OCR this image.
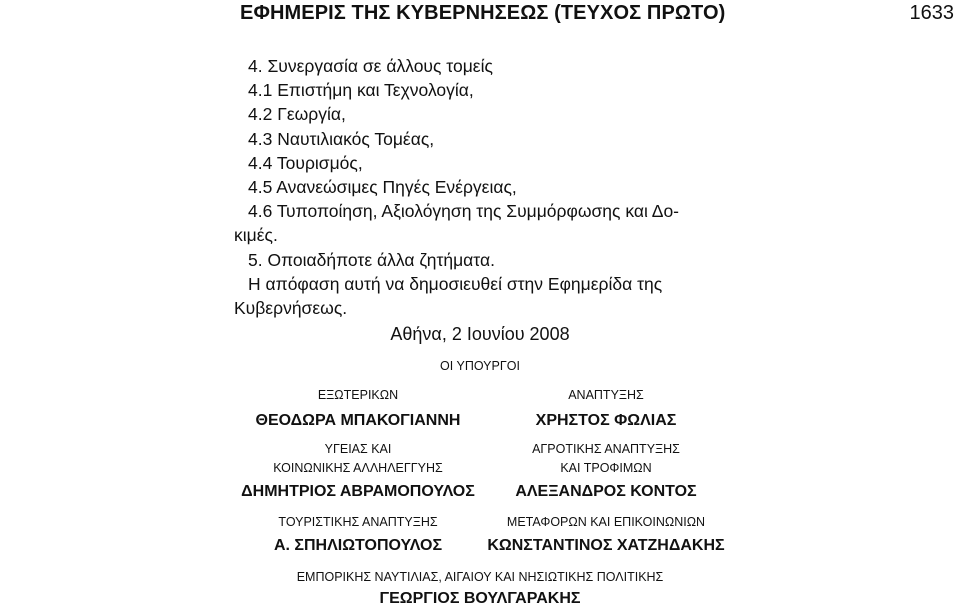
ΕΦΗΜΕΡΙΣ ΤΗΣ ΚΥΒΕΡΝΗΣΕΩΣ (ΤΕΥΧΟΣ ΠΡΩΤΟ)	1633
4. Συνεργασία σε άλλους τομείς
4.1 Επιστήμη και Τεχνολογία,
4.2 Γεωργία,
4.3 Ναυτιλιακός Τομέας,
4.4 Τουρισμός,
4.5 Ανανεώσιμες Πηγές Ενέργειας,
4.6 Τυποποίηση, Αξιολόγηση της Συμμόρφωσης και Δο-
κιμές.
5. Οποιαδήποτε άλλα ζητήματα.
Η απόφαση αυτή να δημοσιευθεί στην Εφημερίδα της
Κυβερνήσεως.
Αθήνα, 2 Ιουνίου 2008
ΟΙ ΥΠΟΥΡΓΟΙ
ΕΞΩΤΕΡΙΚΩΝ
ΘΕΟΔΩΡΑ ΜΠΑΚΟΓΙΑΝΝΗ
ΑΝΑΠΤΥΞΗΣ
ΧΡΗΣΤΟΣ ΦΩΛΙΑΣ
ΥΓΕΙΑΣ ΚΑΙ
ΚΟΙΝΩΝΙΚΗΣ ΑΛΛΗΛΕΓΓΥΗΣ
ΔΗΜΗΤΡΙΟΣ ΑΒΡΑΜΟΠΟΥΛΟΣ
ΑΓΡΟΤΙΚΗΣ ΑΝΑΠΤΥΞΗΣ
ΚΑΙ ΤΡΟΦΙΜΩΝ
ΑΛΕΞΑΝΔΡΟΣ ΚΟΝΤΟΣ
ΤΟΥΡΙΣΤΙΚΗΣ ΑΝΑΠΤΥΞΗΣ
Α. ΣΠΗΛΙΩΤΟΠΟΥΛΟΣ
ΜΕΤΑΦΟΡΩΝ ΚΑΙ ΕΠΙΚΟΙΝΩΝΙΩΝ
ΚΩΝΣΤΑΝΤΙΝΟΣ ΧΑΤΖΗΔΑΚΗΣ
ΕΜΠΟΡΙΚΗΣ ΝΑΥΤΙΛΙΑΣ, ΑΙΓΑΙΟΥ ΚΑΙ ΝΗΣΙΩΤΙΚΗΣ ΠΟΛΙΤΙΚΗΣ
ΓΕΩΡΓΙΟΣ ΒΟΥΛΓΑΡΑΚΗΣ
